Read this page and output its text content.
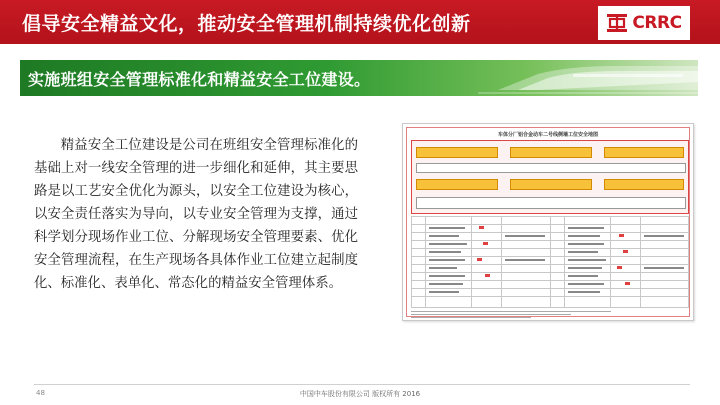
倡导安全精益文化，推动安全管理机制持续优化创新	CRRC
实施班组安全管理标准化和精益安全工位建设。

精益安全工位建设是公司在班组安全管理标准化的基础上对一线安全管理的进一步细化和延伸，其主要思路是以工艺安全优化为源头，以安全工位建设为核心，以安全责任落实为导向，以专业安全管理为支撑，通过科学划分现场作业工位、分解现场安全管理要素、优化安全管理流程，在生产现场各具体作业工位建立起制度化、标准化、表单化、常态化的精益安全管理体系。

车体分厂铝合金动车二号线侧墙工位安全地图
48	中国中车股份有限公司 版权所有 2016
